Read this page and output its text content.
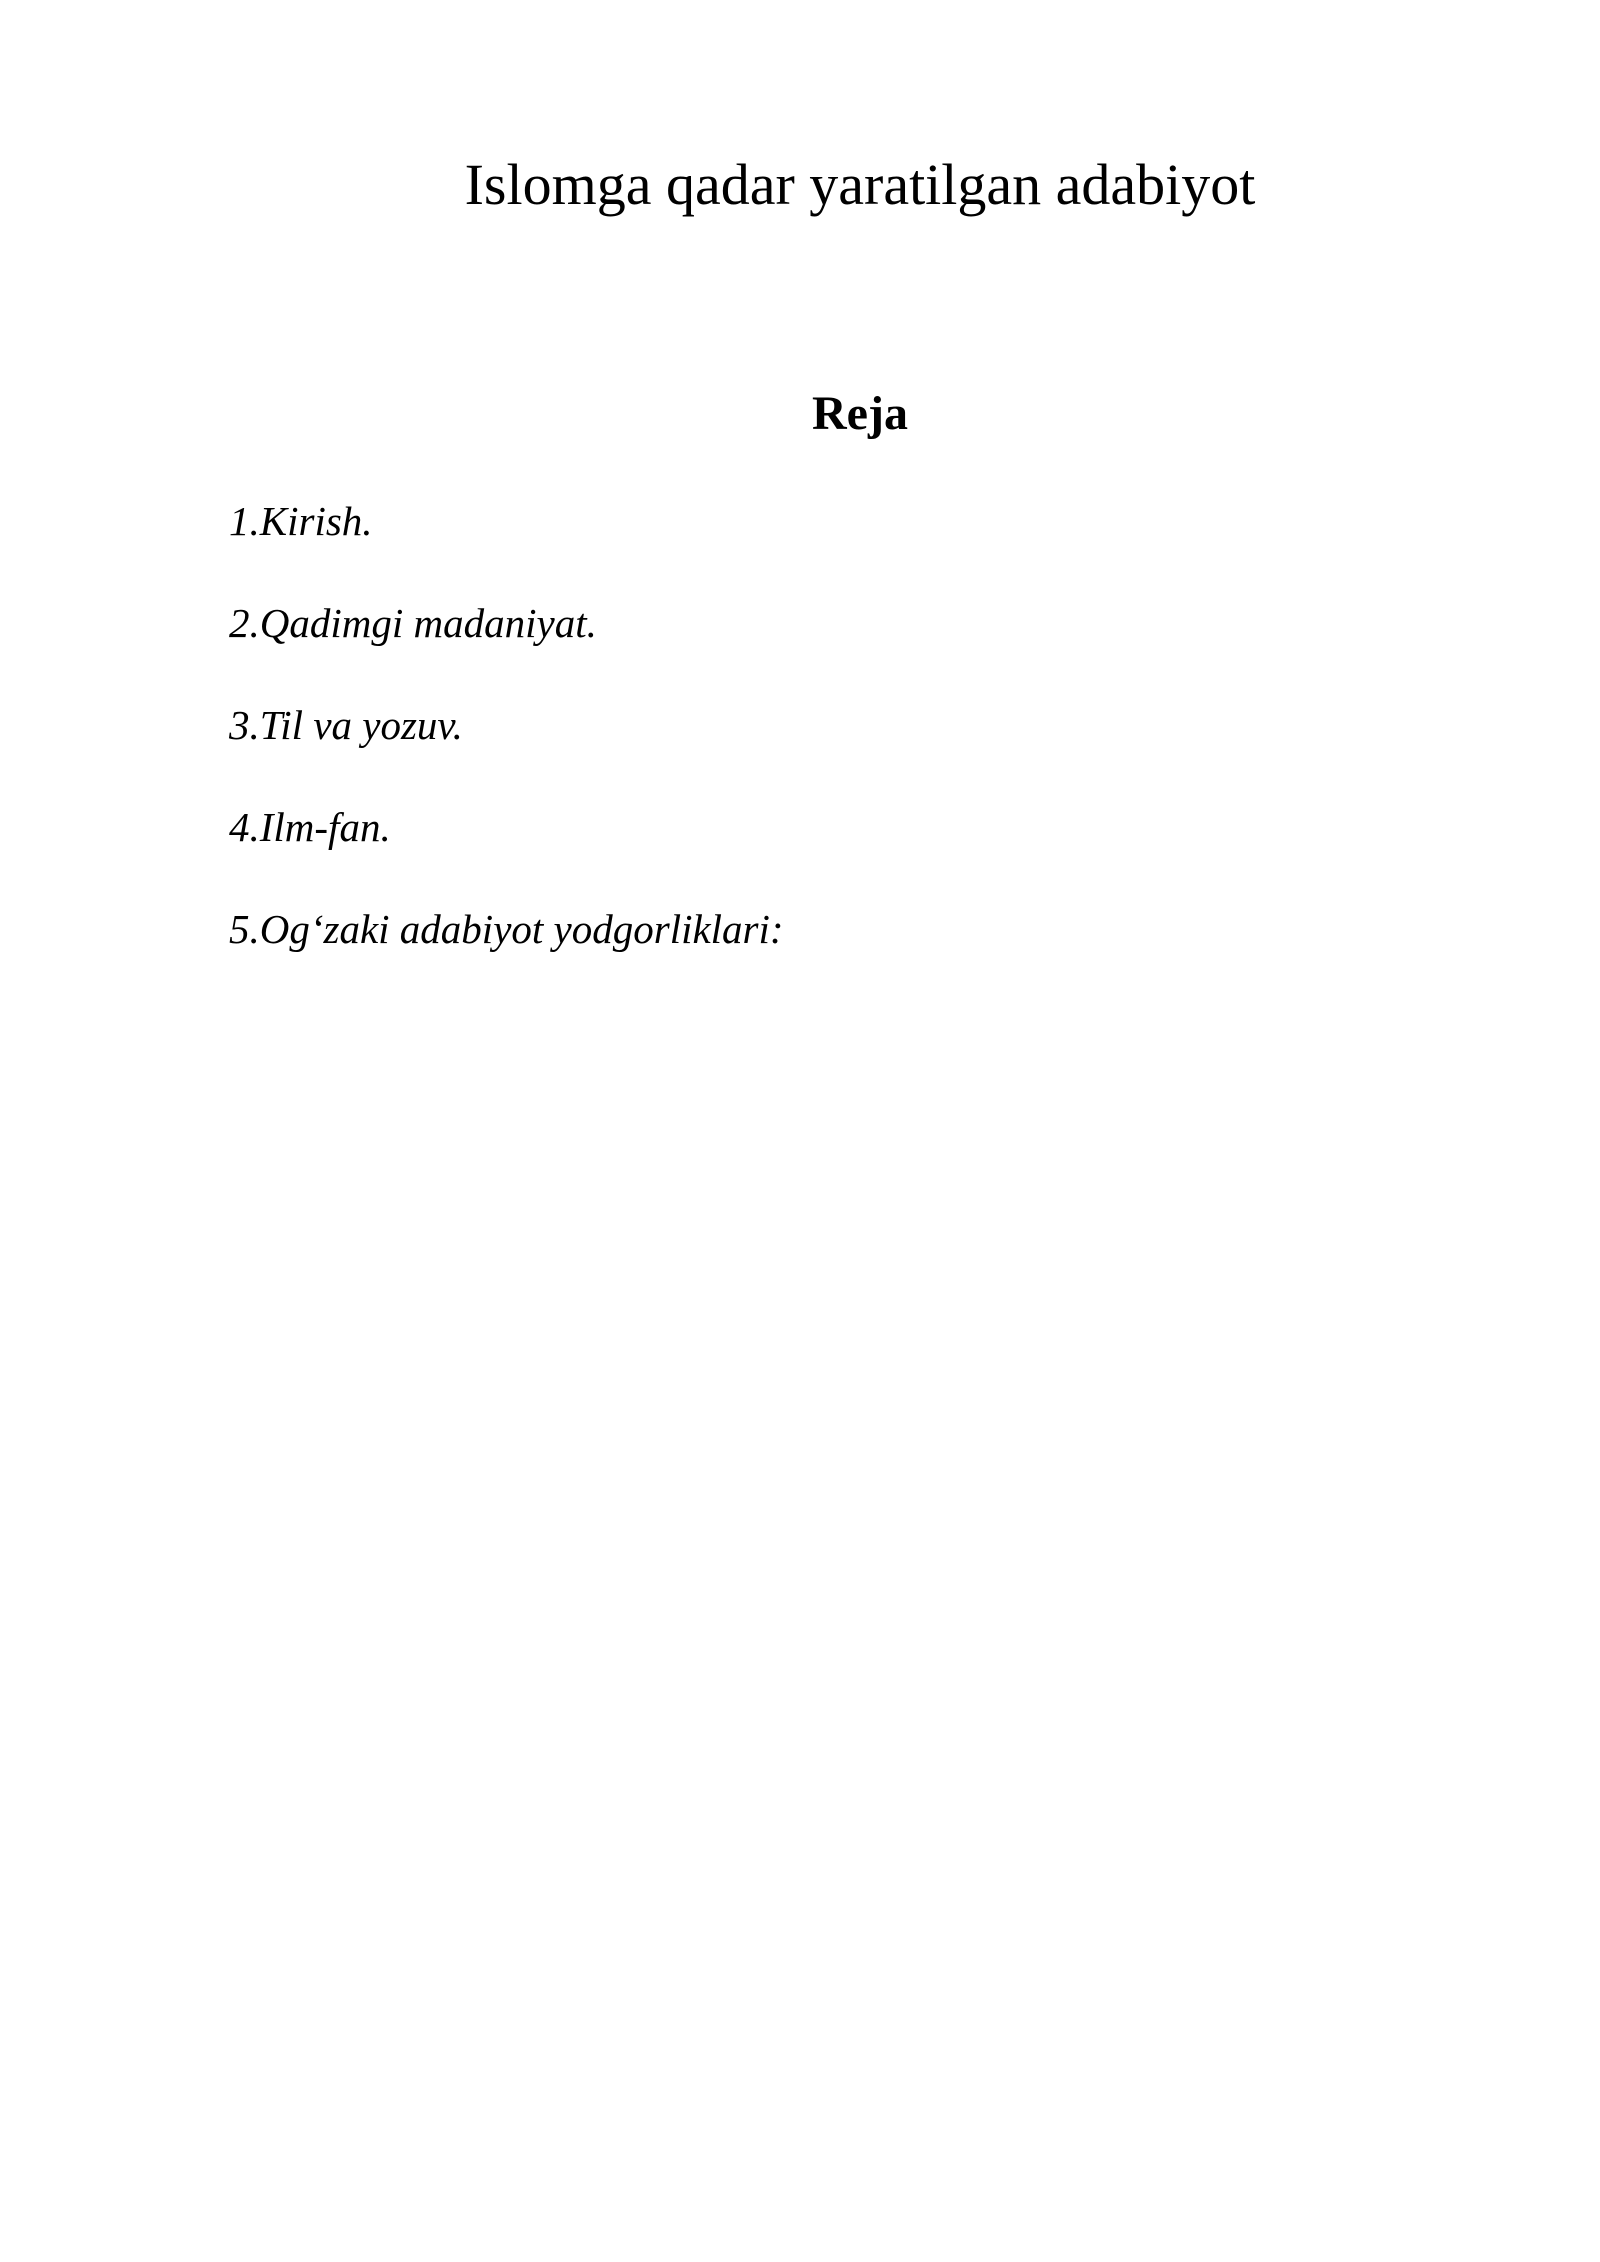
Islomga qadar yaratilgan adabiyot
Reja
1.Kirish.
2.Qadimgi madaniyat.
3.Til va yozuv.
4.Ilm-fan.
5.Og‘zaki adabiyot yodgorliklari:
